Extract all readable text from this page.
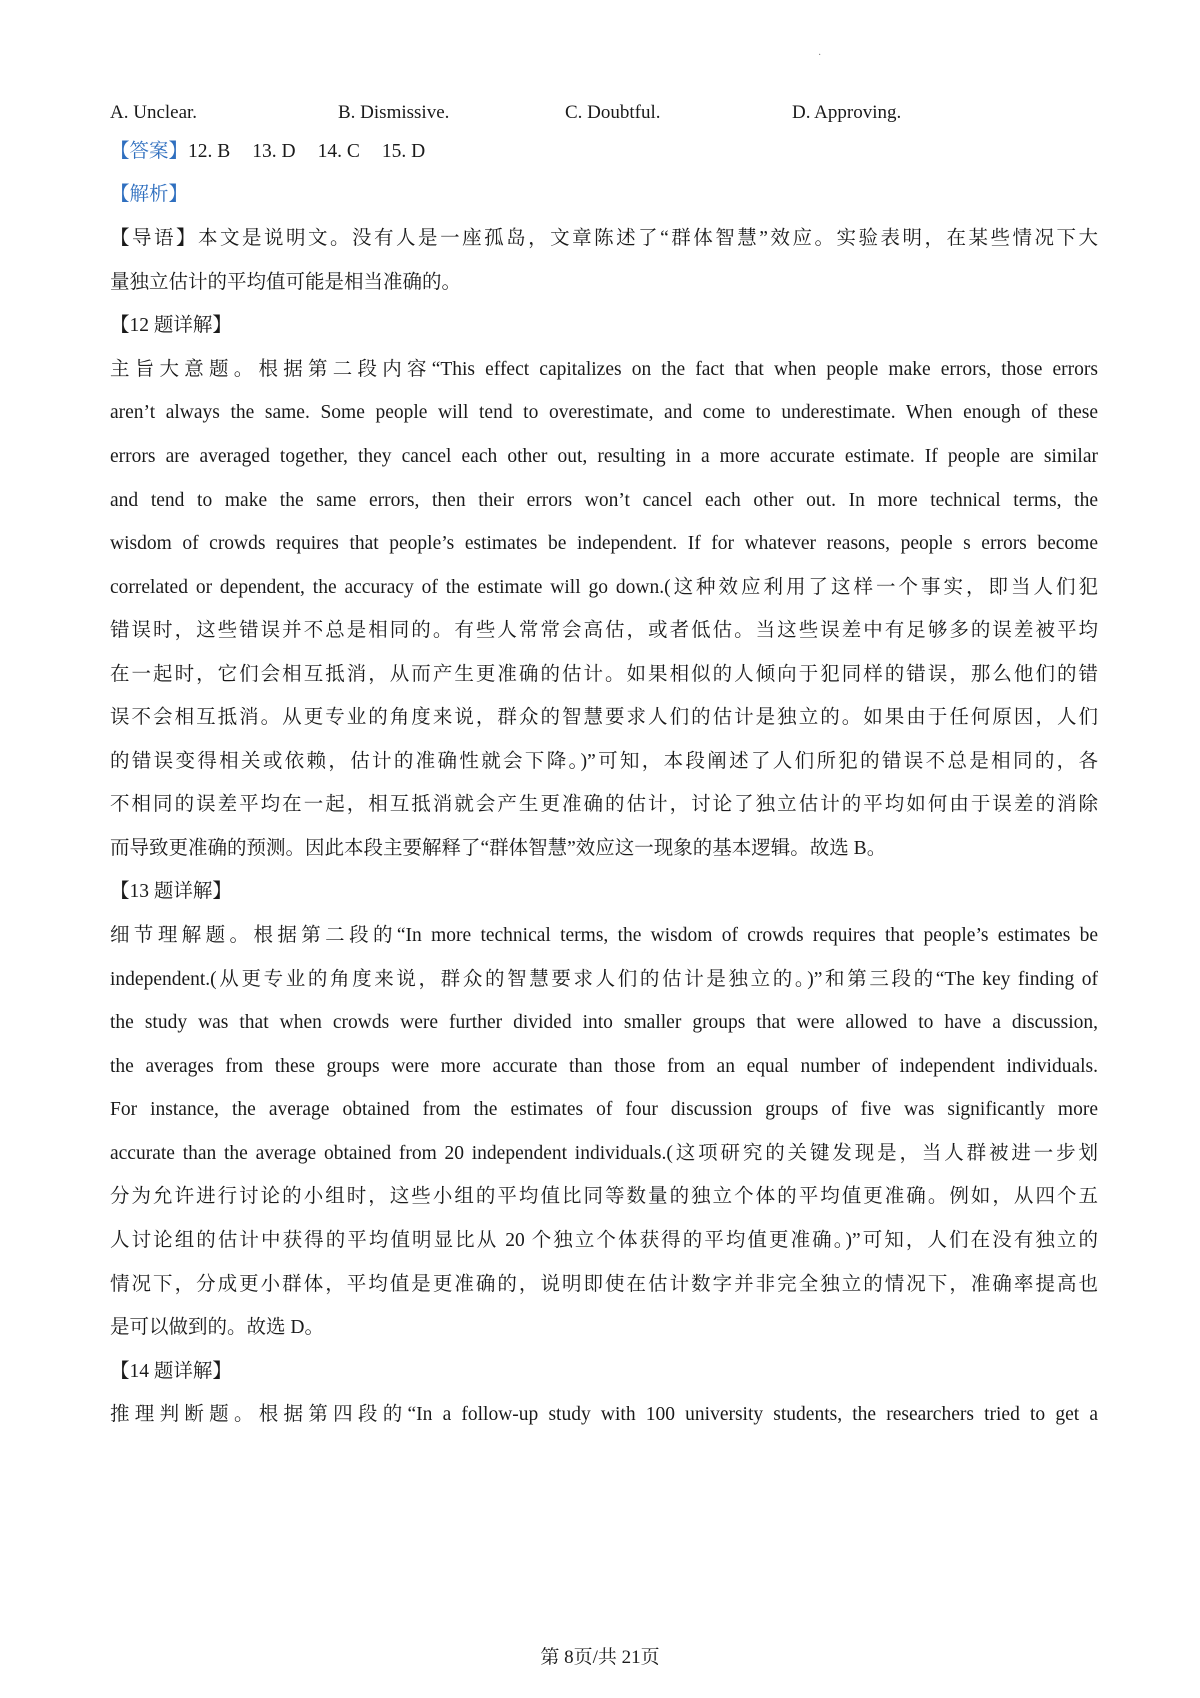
·
A. Unclear.	B. Dismissive.	C. Doubtful.	D. Approving.
【答案】12. B 13. D 14. C 15. D
【解析】
【导语】本文是说明文。没有人是一座孤岛，文章陈述了“群体智慧”效应。实验表明，在某些情况下大
量独立估计的平均值可能是相当准确的。
【12 题详解】
主旨大意题。根据第二段内容“This effect capitalizes on the fact that when people make errors, those errors
aren’t always the same. Some people will tend to overestimate, and come to underestimate. When enough of these
errors are averaged together, they cancel each other out, resulting in a more accurate estimate. If people are similar
and tend to make the same errors, then their errors won’t cancel each other out. In more technical terms, the
wisdom of crowds requires that people’s estimates be independent. If for whatever reasons, people s errors become
correlated or dependent, the accuracy of the estimate will go down.(这种效应利用了这样一个事实，即当人们犯
错误时，这些错误并不总是相同的。有些人常常会高估，或者低估。当这些误差中有足够多的误差被平均
在一起时，它们会相互抵消，从而产生更准确的估计。如果相似的人倾向于犯同样的错误，那么他们的错
误不会相互抵消。从更专业的角度来说，群众的智慧要求人们的估计是独立的。如果由于任何原因，人们
的错误变得相关或依赖，估计的准确性就会下降。)”可知，本段阐述了人们所犯的错误不总是相同的，各
不相同的误差平均在一起，相互抵消就会产生更准确的估计，讨论了独立估计的平均如何由于误差的消除
而导致更准确的预测。因此本段主要解释了“群体智慧”效应这一现象的基本逻辑。故选 B。
【13 题详解】
细节理解题。根据第二段的“In more technical terms, the wisdom of crowds requires that people’s estimates be
independent.(从更专业的角度来说，群众的智慧要求人们的估计是独立的。)”和第三段的“The key finding of
the study was that when crowds were further divided into smaller groups that were allowed to have a discussion,
the averages from these groups were more accurate than those from an equal number of independent individuals.
For instance, the average obtained from the estimates of four discussion groups of five was significantly more
accurate than the average obtained from 20 independent individuals.(这项研究的关键发现是，当人群被进一步划
分为允许进行讨论的小组时，这些小组的平均值比同等数量的独立个体的平均值更准确。例如，从四个五
人讨论组的估计中获得的平均值明显比从 20 个独立个体获得的平均值更准确。)”可知，人们在没有独立的
情况下，分成更小群体，平均值是更准确的，说明即使在估计数字并非完全独立的情况下，准确率提高也
是可以做到的。故选 D。
【14 题详解】
推理判断题。根据第四段的“In a follow-up study with 100 university students, the researchers tried to get a
第 8页/共 21页
